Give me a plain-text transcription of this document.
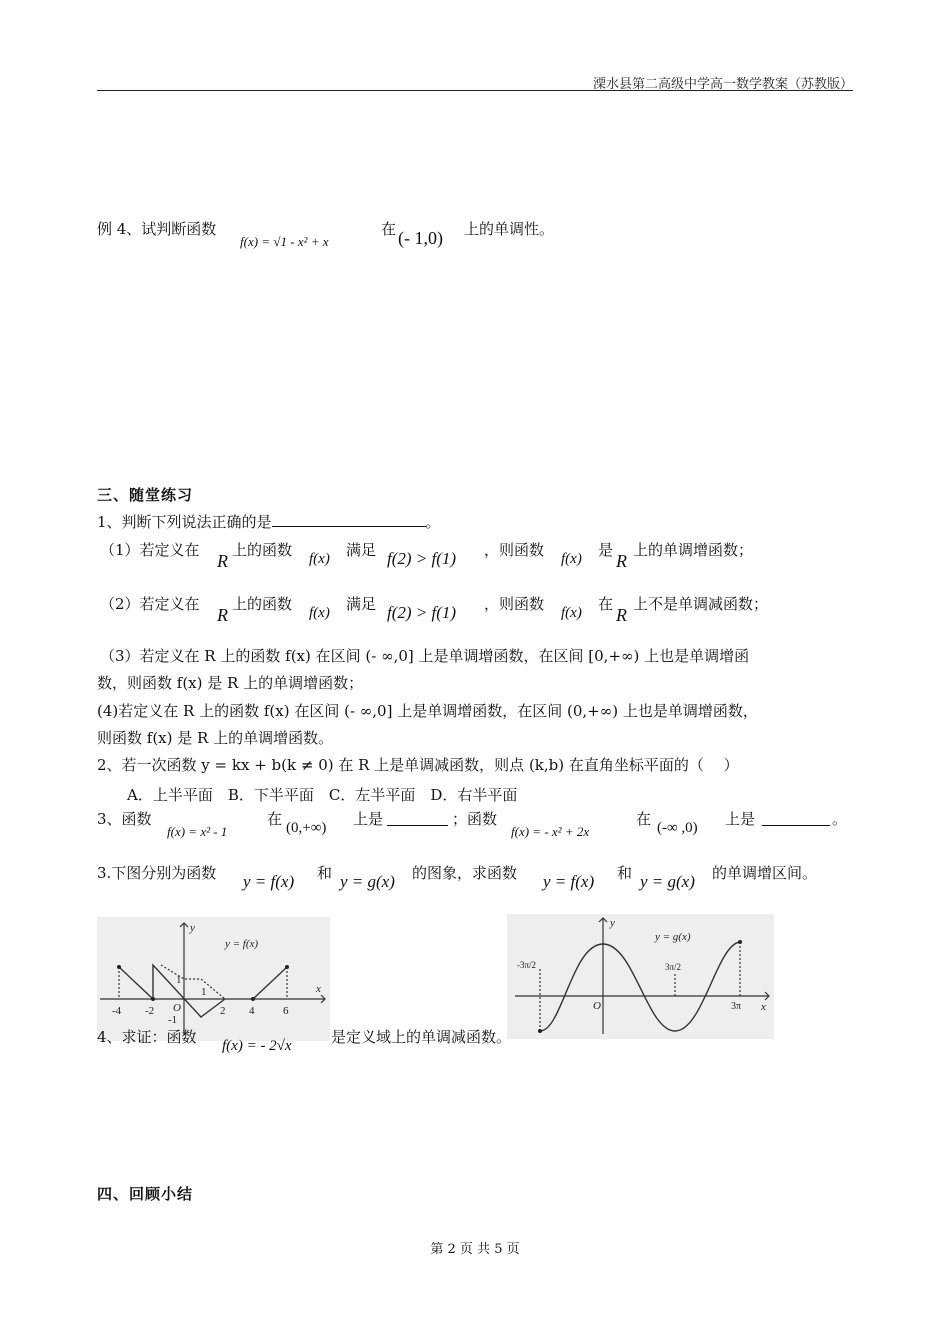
溧水县第二高级中学高一数学教案（苏教版）
例 4、试判断函数
f(x) = √1 - x² + x
在 (- 1,0) 上的单调性。
三、随堂练习
1、判断下列说法正确的是	。
（1）若定义在
R
上的函数 f(x) 满足 f(2) > f(1) ，则函数 f(x) 是
R
上的单调增函数；
（2）若定义在
R
上的函数 f(x) 满足 f(2) > f(1) ，则函数 f(x) 在
R
上不是单调减函数；
（3）若定义在 R 上的函数 f(x) 在区间 (- ∞,0] 上是单调增函数，在区间 [0,+∞) 上也是单调增函
数，则函数 f(x) 是 R 上的单调增函数；
(4)若定义在 R 上的函数 f(x) 在区间 (- ∞,0] 上是单调增函数，在区间 (0,+∞) 上也是单调增函数，
则函数 f(x) 是 R 上的单调增函数。
2、若一次函数 y = kx + b(k ≠ 0) 在 R 上是单调减函数，则点 (k,b) 在直角坐标平面的（　 ）
A．上半平面　B．下半平面　C．左半平面　D．右半平面
3、函数
f(x) = x² - 1
在 (0,+∞) 上是	；函数
f(x) = - x² + 2x
在 (-∞ ,0) 上是	。
3.下图分别为函数 y = f(x) 和 y = g(x) 的图象，求函数 y = f(x) 和 y = g(x) 的单调增区间。
y = f(x)
x
y
O
-4 -2
1
2 4	6
1
-1
y = g(x)
x
y
O
-3π/2	3π/2
3π
4、求证：函数 f(x) = - 2√x	是定义域上的单调减函数。
四、回顾小结
第 2 页 共 5 页
